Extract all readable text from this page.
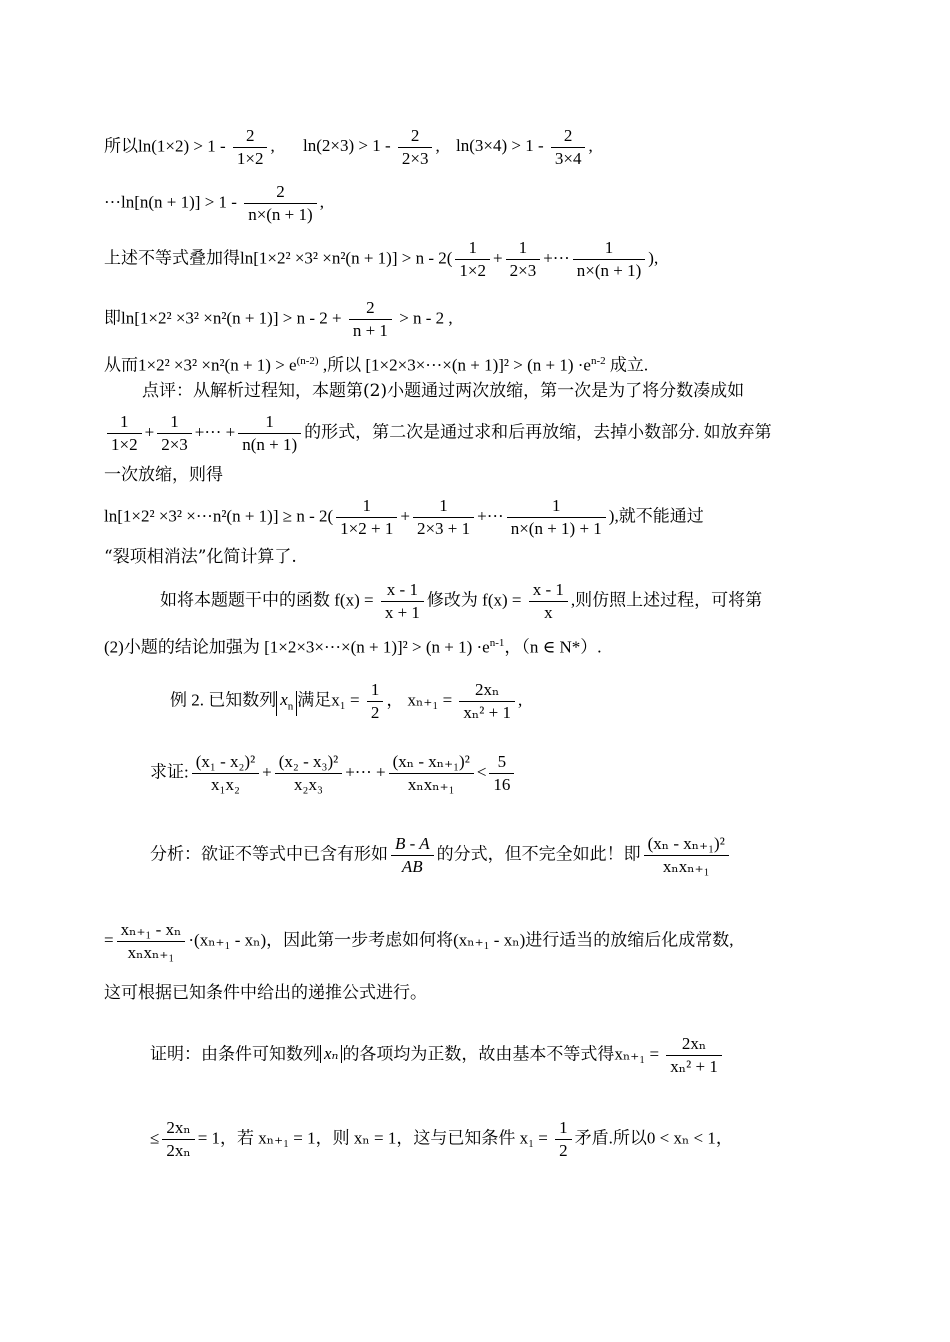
所以$\ln(1\times 2) > 1 - \frac{2}{1\times 2}$ , $\ln(2\times 3) > 1 - \frac{2}{2\times 3}$ , $\ln(3\times 4) > 1 - \frac{2}{3\times 4}$ ,
$\cdot\cdot\cdot\ln[n(n + 1)] > 1 - \frac{2}{n\times(n + 1)}$ ,
上述不等式叠加得$\ln[1\times 2^2 \times 3^2 \times n^2(n + 1)] > n - 2( \frac{1}{1\times 2} + \frac{1}{2\times 3}$ +··· $\frac{1}{n\times(n + 1)}$ ),
即$\ln[1\times 2^2 \times 3^2 \times n^2(n + 1)] > n - 2 + \frac{2}{n + 1} > n - 2$ ,
从而$1\times 2^2 \times 3^2 \times n^2(n + 1) > e^{(n-2)}$ ,所以 $[1\times 2\times 3\times\cdot\cdot\cdot\times(n + 1)]^2 > (n + 1) \cdot e^{n-2}$ 成立.
点评：从解析过程知，本题第(2)小题通过两次放缩，第一次是为了将分数凑成如
$\frac{1}{1\times 2} + \frac{1}{2\times 3}$ +··· + $\frac{1}{n(n + 1)}$ 的形式，第二次是通过求和后再放缩，去掉小数部分. 如放弃第
一次放缩，则得
$\ln[1\times 2^2 \times 3^2 \times\cdot\cdot\cdot n^2(n + 1)] \ge n - 2( \frac{1}{1\times 2 + 1} + \frac{1}{2\times 3 + 1}$ +··· $\frac{1}{n\times(n + 1) + 1}$ ),就不能通过
“裂项相消法”化简计算了.
如将本题题干中的函数 $f(x) = \frac{x - 1}{x + 1}$ 修改为 $f(x) = \frac{x - 1}{x}$ ,则仿照上述过程，可将第
(2)小题的结论加强为 $[1\times 2\times 3\times\cdot\cdot\cdot\times(n + 1)]^2 > (n + 1) \cdot e^{n-1}$，（n ∈ N*）.
例 2. 已知数列 $x_n$ 满足$x_1 = \frac{1}{2}$ ， $x_{n+1} = \frac{\text{2xₙ}}{\text{xₙ² + 1}}$ ,
求证: $\frac{\text{(x₁ - x₂)²}}{\text{x₁x₂}} + \frac{\text{(x₂ - x₃)²}}{\text{x₂x₃}}$ +··· + $\frac{\text{(xₙ - xₙ₊₁)²}}{\text{xₙxₙ₊₁}} < \frac{5}{16}$
分析：欲证不等式中已含有形如 $\frac{B - A}{AB}$ 的分式，但不完全如此！即 $\frac{\text{(xₙ - xₙ₊₁)²}}{\text{xₙxₙ₊₁}}$
= $\frac{\text{xₙ₊₁ - xₙ}}{\text{xₙxₙ₊₁}} \cdot(x_{n+1} - x_n)$，因此第一步考虑如何将(xₙ₊₁ - xₙ)进行适当的放缩后化成常数,
这可根据已知条件中给出的递推公式进行。
证明：由条件可知数列 xₙ 的各项均为正数，故由基本不等式得$x_{n+1} = \frac{\text{2xₙ}}{\text{xₙ² + 1}}$
≤ $\frac{\text{2xₙ}}{\text{2xₙ}} = 1$，若 xₙ₊₁ = 1，则 xₙ = 1，这与已知条件 $x_1 = \frac{1}{2}$ 矛盾.所以0 < xₙ < 1，
